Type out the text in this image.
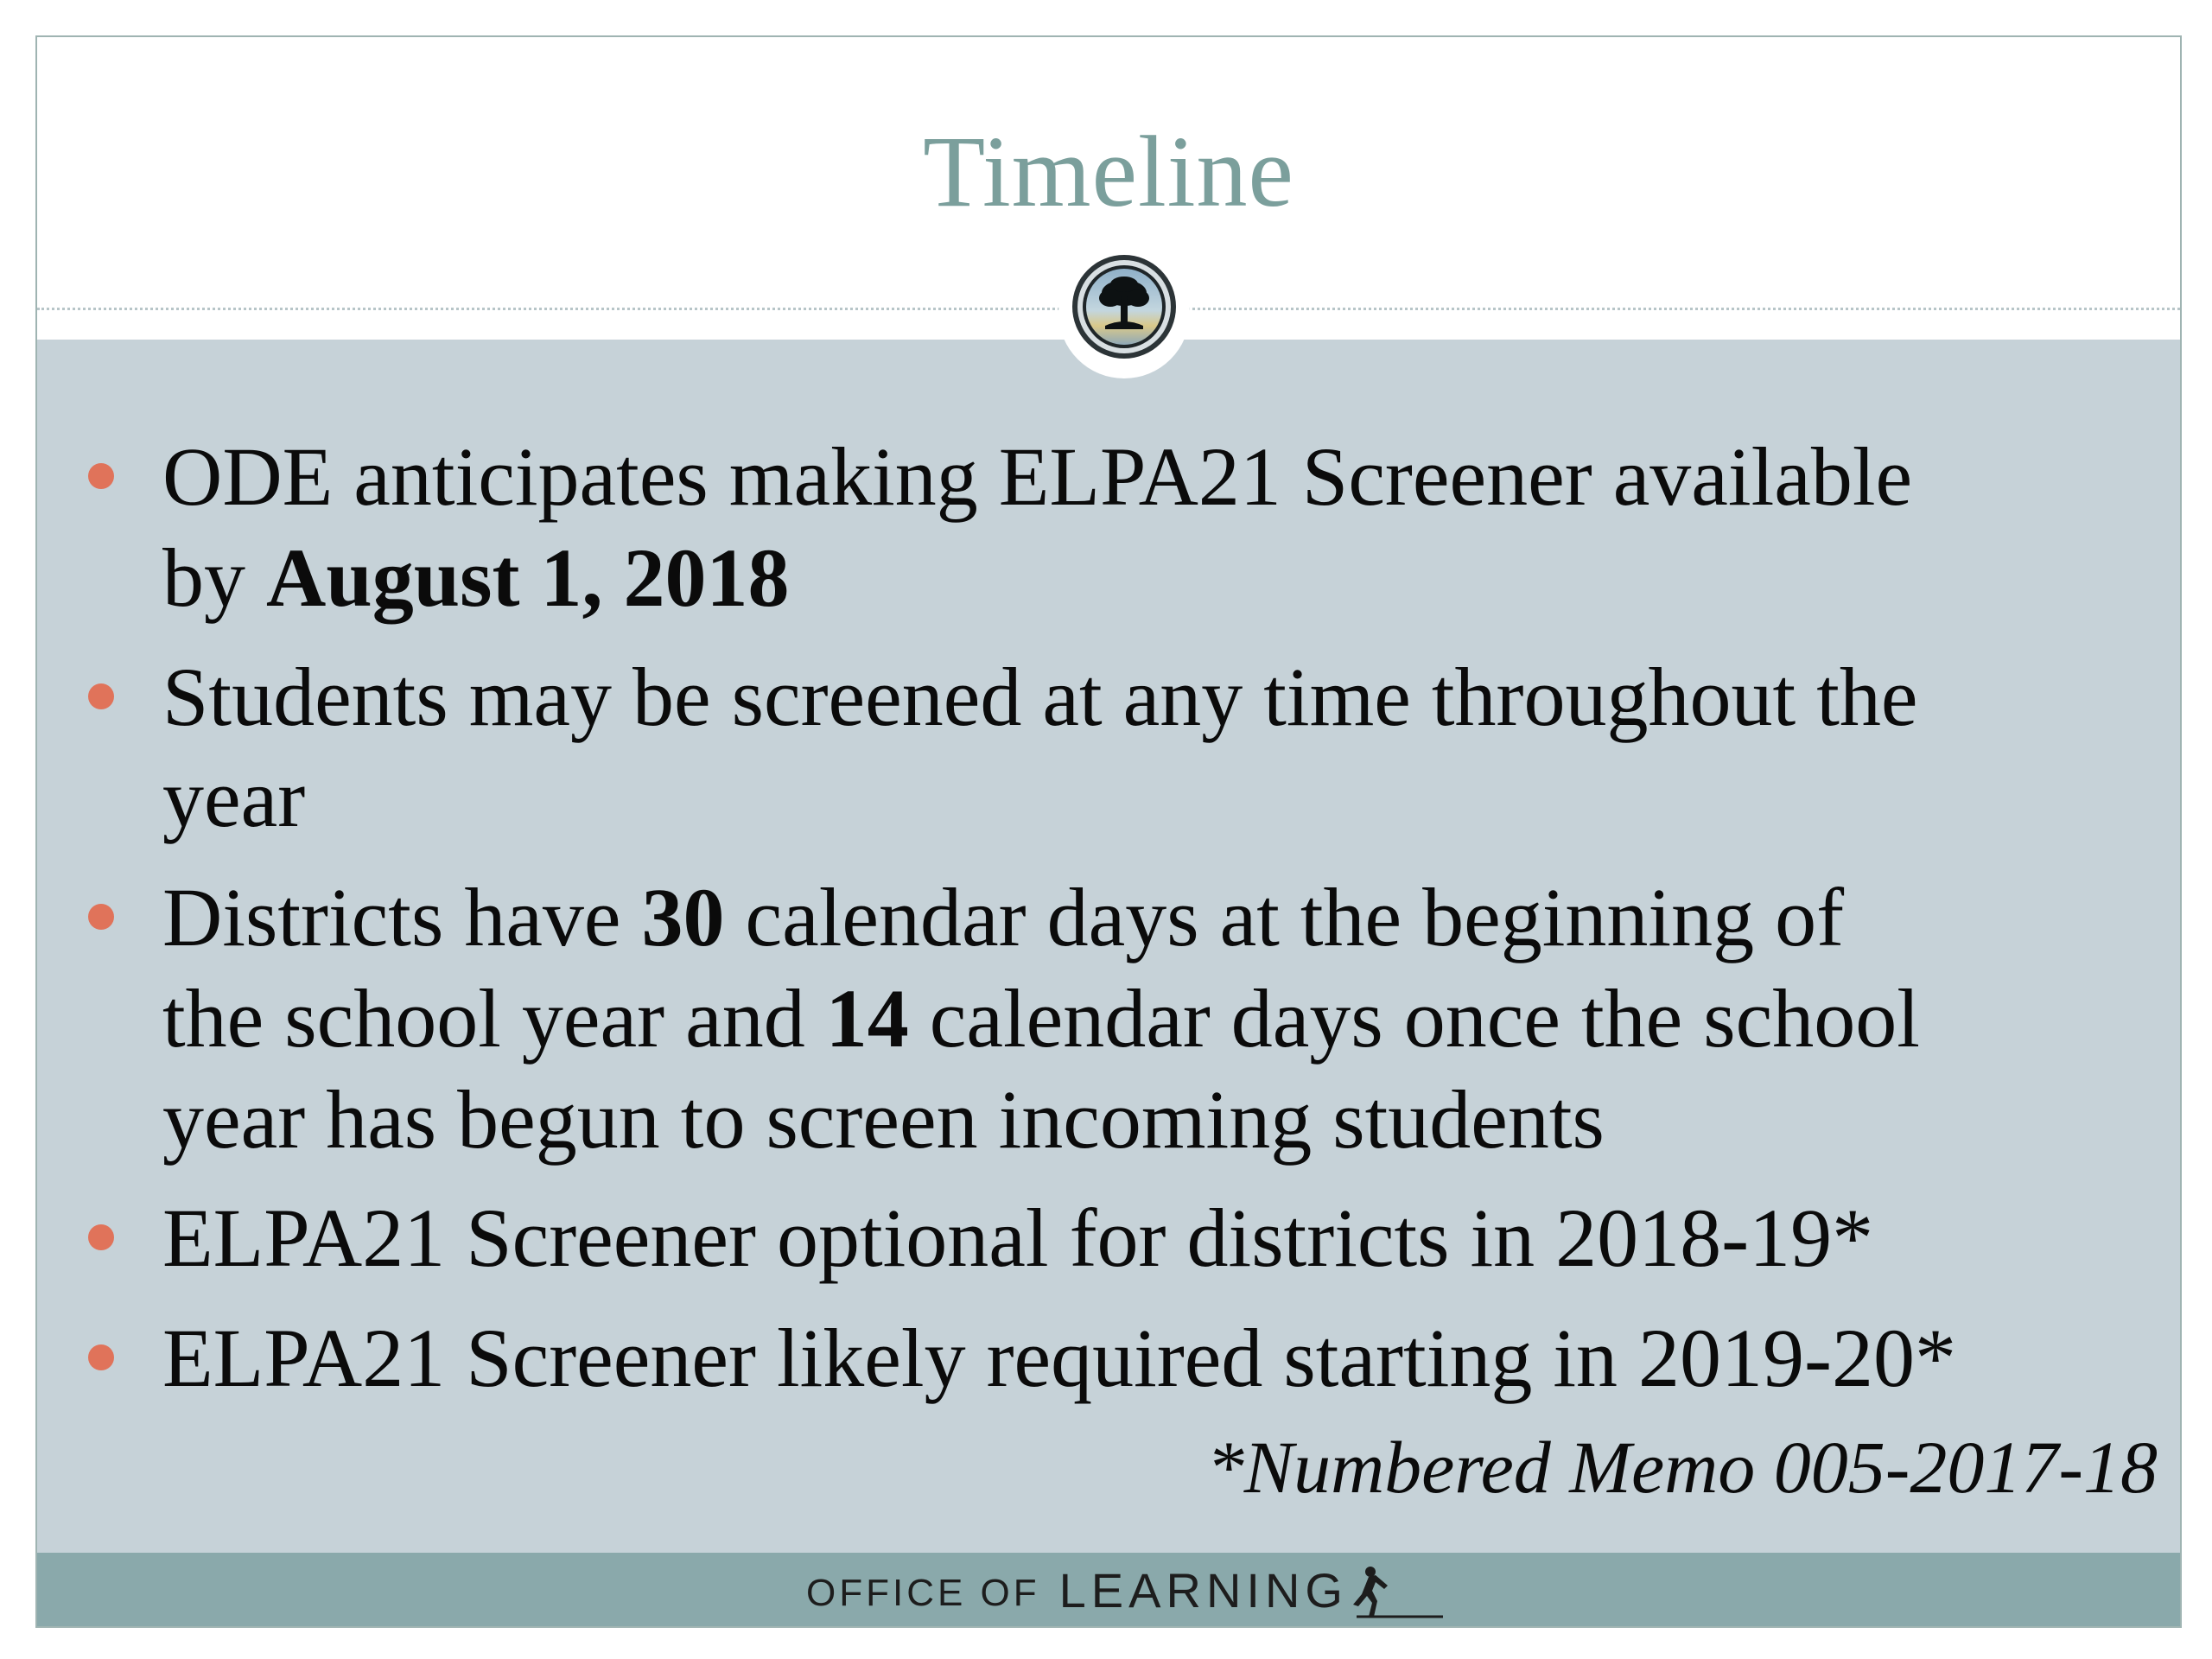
Timeline
ODE anticipates making ELPA21 Screener available
by August 1, 2018
Students may be screened at any time throughout the
year
Districts have 30 calendar days at the beginning of
the school year and 14 calendar days once the school
year has begun to screen incoming students
ELPA21 Screener optional for districts in 2018-19*
ELPA21 Screener likely required starting in 2019-20*
*Numbered Memo 005-2017-18
OFFICE OF LEARNING
